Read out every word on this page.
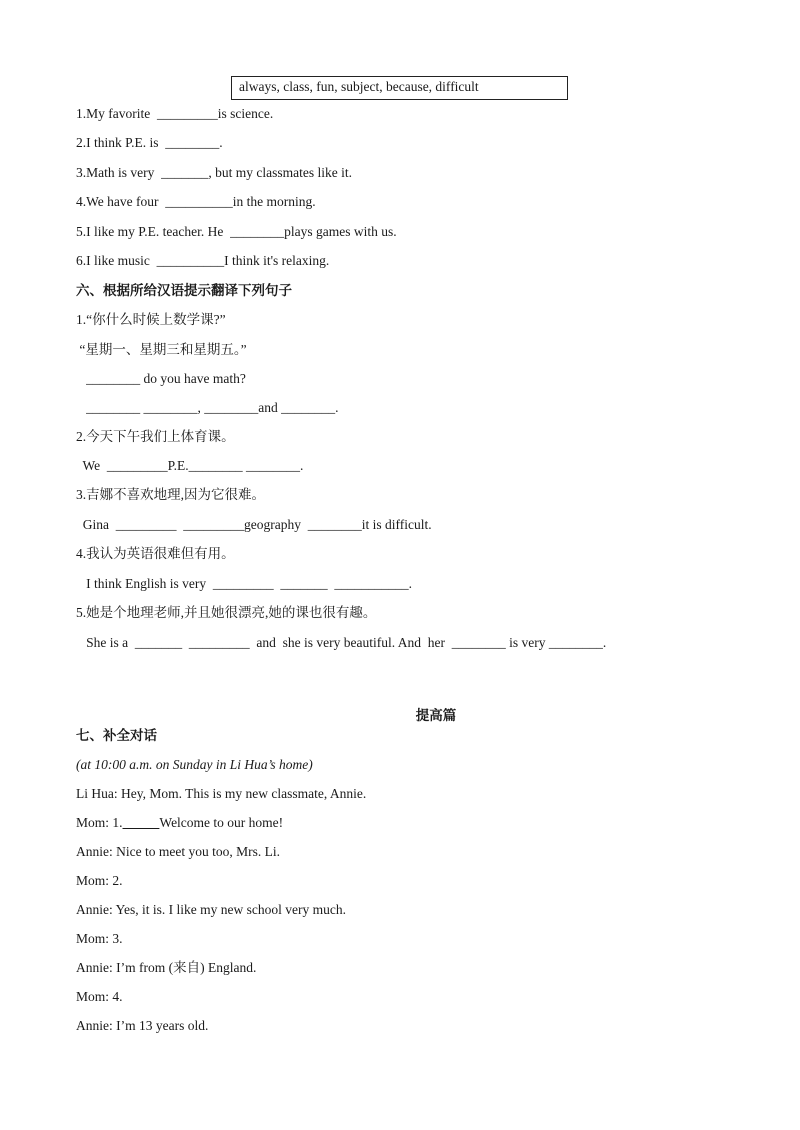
always, class, fun, subject, because, difficult
1.My favorite  _________is science.
2.I think P.E. is  ________.
3.Math is very  _______, but my classmates like it.
4.We have four  __________in the morning.
5.I like my P.E. teacher. He  ________plays games with us.
6.I like music  __________I think it's relaxing.
六、根据所给汉语提示翻译下列句子
1.“你什么时候上数学课?”
“星期一、星期三和星期五。”
________ do you have math?
________ ________, ________and ________.
2.今天下午我们上体育课。
We  _________P.E.________ ________.
3.吉娜不喜欢地理,因为它很难。
Gina  _________  _________geography  ________it is difficult.
4.我认为英语很难但有用。
I think English is very  _________  _______  ___________.
5.她是个地理老师,并且她很漂亮,她的课也很有趣。
She is a  _______  _________  and  she is very beautiful. And  her  ________ is very ________.
提高篇
七、补全对话
(at 10:00 a.m. on Sunday in Li Hua’s home)
Li Hua: Hey, Mom. This is my new classmate, Annie.
Mom: 1.	Welcome to our home!
Annie: Nice to meet you too, Mrs. Li.
Mom: 2.
Annie: Yes, it is. I like my new school very much.
Mom: 3.
Annie: I’m from (来自) England.
Mom: 4.
Annie: I’m 13 years old.
